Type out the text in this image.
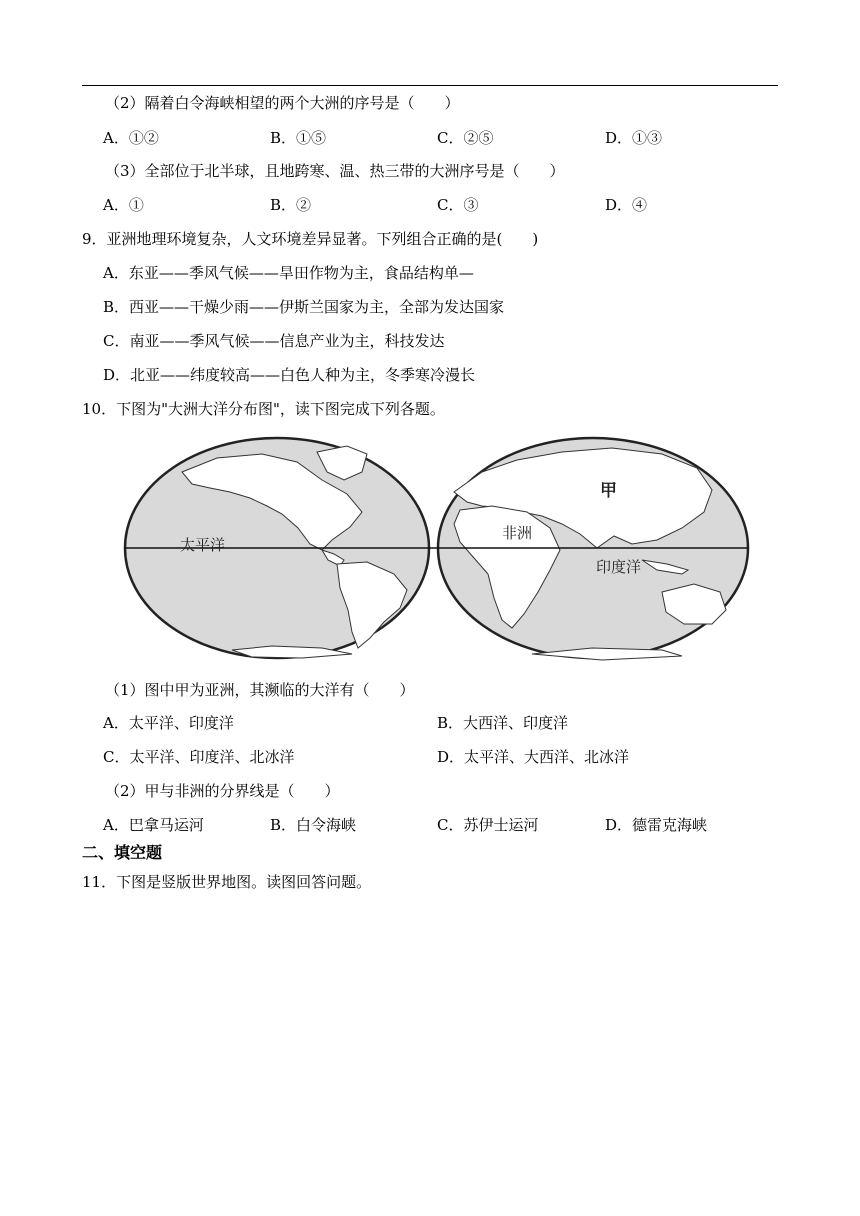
（2）隔着白令海峡相望的两个大洲的序号是（　　）
A．①②	B．①⑤	C．②⑤	D．①③
（3）全部位于北半球，且地跨寒、温、热三带的大洲序号是（　　）
A．①	B．②	C．③	D．④
9．亚洲地理环境复杂，人文环境差异显著。下列组合正确的是(　　)
A．东亚——季风气候——旱田作物为主，食品结构单—
B．西亚——干燥少雨——伊斯兰国家为主，全部为发达国家
C．南亚——季风气候——信息产业为主，科技发达
D．北亚——纬度较高——白色人种为主，冬季寒冷漫长
10．下图为"大洲大洋分布图"，读下图完成下列各题。
太平洋
非洲
甲
印度洋
（1）图中甲为亚洲，其濒临的大洋有（　　）
A．太平洋、印度洋	B．大西洋、印度洋
C．太平洋、印度洋、北冰洋	D．太平洋、大西洋、北冰洋
（2）甲与非洲的分界线是（　　）
A．巴拿马运河	B．白令海峡	C．苏伊士运河	D．德雷克海峡
二、填空题
11．下图是竖版世界地图。读图回答问题。
